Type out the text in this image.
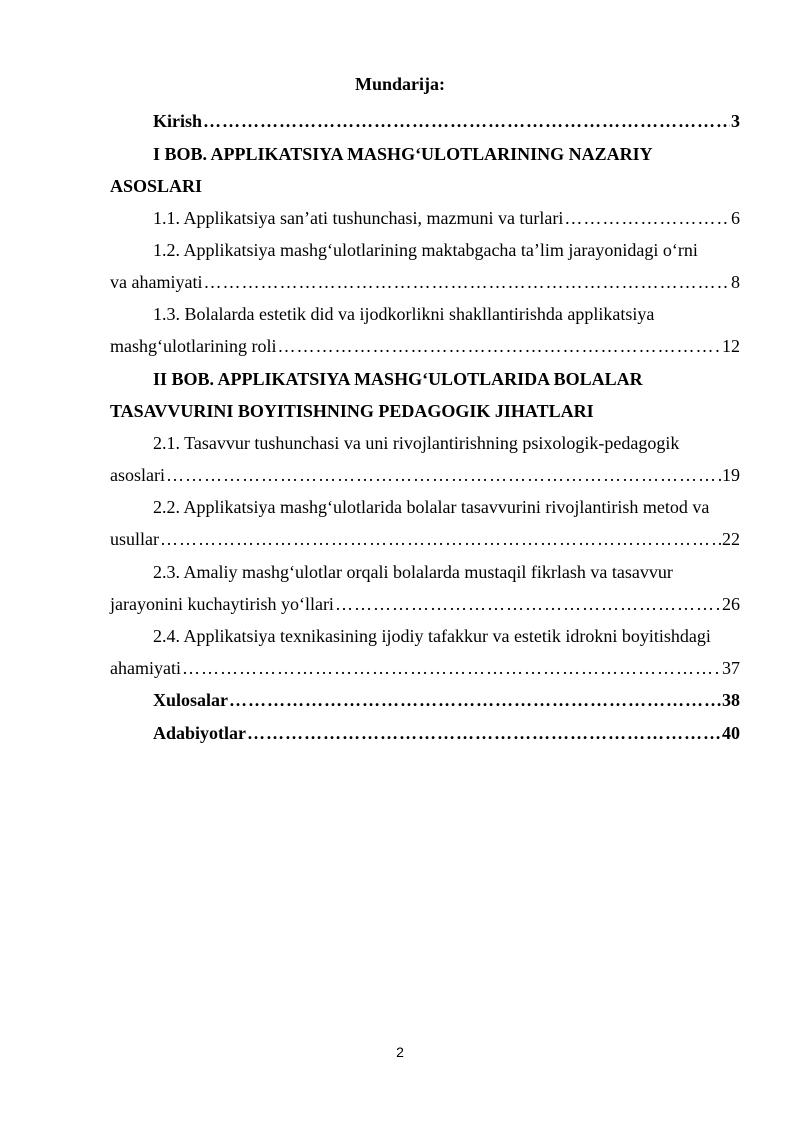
Mundarija:
Kirish ………………………………………………………………………………………………………………………………………………………………………………	3
I BOB. APPLIKATSIYA MASHG‘ULOTLARINING NAZARIY
ASOSLARI
1.1. Applikatsiya san’ati tushunchasi, mazmuni va turlari ………………………………………………………………………………………………………………………………………………………………………………	6
1.2. Applikatsiya mashg‘ulotlarining maktabgacha ta’lim jarayonidagi o‘rni
va ahamiyati ………………………………………………………………………………………………………………………………………………………………………………	8
1.3. Bolalarda estetik did va ijodkorlikni shakllantirishda applikatsiya
mashg‘ulotlarining roli ………………………………………………………………………………………………………………………………………………………………………………	12
II BOB. APPLIKATSIYA MASHG‘ULOTLARIDA BOLALAR
TASAVVURINI BOYITISHNING PEDAGOGIK JIHATLARI
2.1. Tasavvur tushunchasi va uni rivojlantirishning psixologik-pedagogik
asoslari ………………………………………………………………………………………………………………………………………………………………………………	19
2.2. Applikatsiya mashg‘ulotlarida bolalar tasavvurini rivojlantirish metod va
usullar ………………………………………………………………………………………………………………………………………………………………………………	22
2.3. Amaliy mashg‘ulotlar orqali bolalarda mustaqil fikrlash va tasavvur
jarayonini kuchaytirish yo‘llari ………………………………………………………………………………………………………………………………………………………………………………	26
2.4. Applikatsiya texnikasining ijodiy tafakkur va estetik idrokni boyitishdagi
ahamiyati ………………………………………………………………………………………………………………………………………………………………………………	37
Xulosalar ………………………………………………………………………………………………………………………………………………………………………………	38
Adabiyotlar ………………………………………………………………………………………………………………………………………………………………………………	40
2
